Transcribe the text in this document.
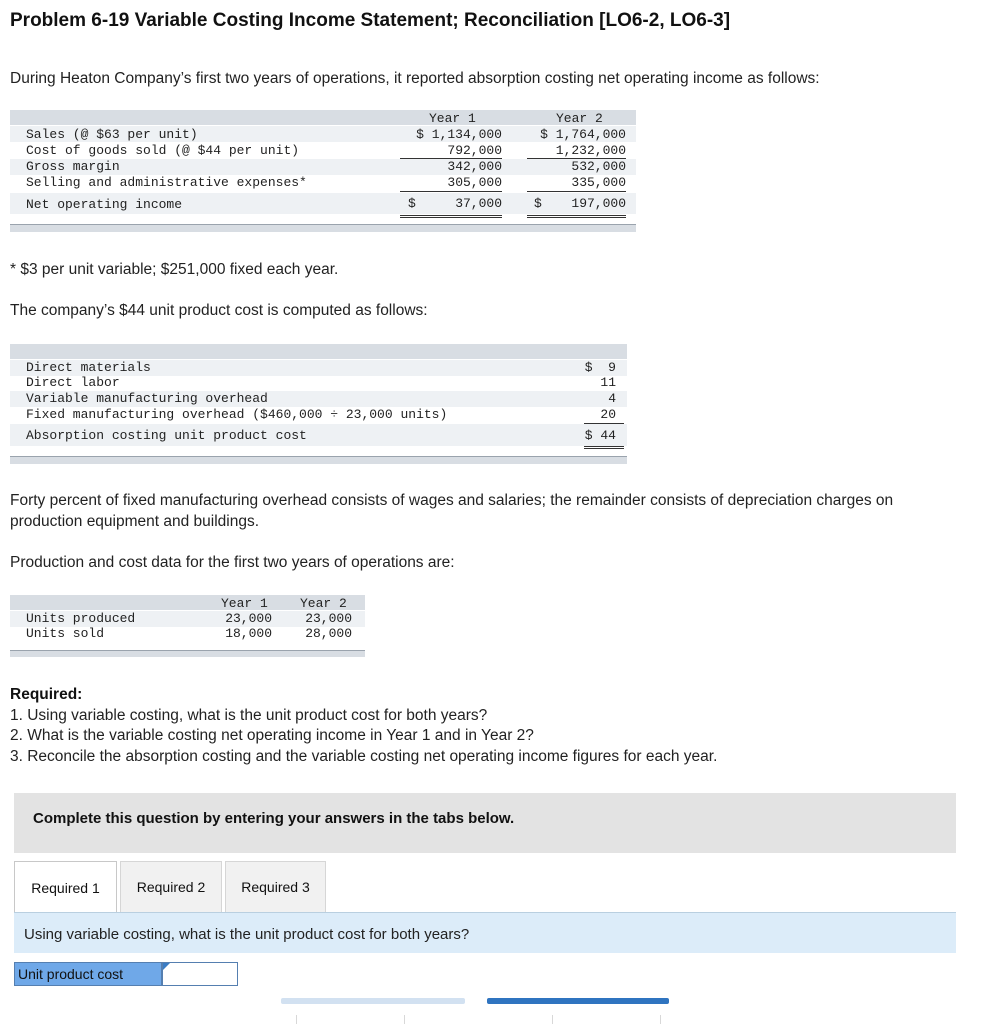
Problem 6-19 Variable Costing Income Statement; Reconciliation [LO6-2, LO6-3]
During Heaton Company’s first two years of operations, it reported absorption costing net operating income as follows:
Year 1	Year 2
Sales (@ $63 per unit)	$ 1,134,000	$ 1,764,000
Cost of goods sold (@ $44 per unit)	792,000	1,232,000
Gross margin	342,000	532,000
Selling and administrative expenses*	305,000	335,000
Net operating income	$	37,000 $	197,000
* $3 per unit variable; $251,000 fixed each year.
The company’s $44 unit product cost is computed as follows:
Direct materials	$  9
Direct labor	11
Variable manufacturing overhead	4
Fixed manufacturing overhead ($460,000 ÷ 23,000 units)	20
Absorption costing unit product cost	$ 44
Forty percent of fixed manufacturing overhead consists of wages and salaries; the remainder consists of depreciation charges on
production equipment and buildings.
Production and cost data for the first two years of operations are:
Year 1 Year 2
Units produced	23,000	23,000
Units sold	18,000	28,000
Required:
1. Using variable costing, what is the unit product cost for both years?
2. What is the variable costing net operating income in Year 1 and in Year 2?
3. Reconcile the absorption costing and the variable costing net operating income figures for each year.
Complete this question by entering your answers in the tabs below.
Required 1	Required 2	Required 3
Using variable costing, what is the unit product cost for both years?
Unit product cost
